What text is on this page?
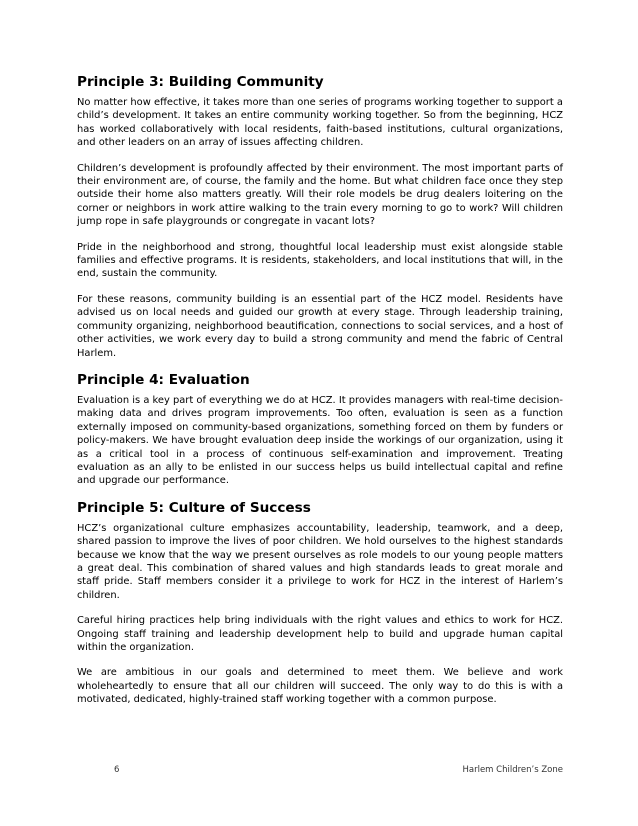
Principle 3: Building Community

No matter how effective, it takes more than one series of programs working together to support a child’s development. It takes an entire community working together. So from the beginning, HCZ has worked collaboratively with local residents, faith-based institutions, cultural organizations, and other leaders on an array of issues affecting children.

Children’s development is profoundly affected by their environment. The most important parts of their environment are, of course, the family and the home. But what children face once they step outside their home also matters greatly. Will their role models be drug dealers loitering on the corner or neighbors in work attire walking to the train every morning to go to work? Will children jump rope in safe playgrounds or congregate in vacant lots?

Pride in the neighborhood and strong, thoughtful local leadership must exist alongside stable families and effective programs. It is residents, stakeholders, and local institutions that will, in the end, sustain the community.

For these reasons, community building is an essential part of the HCZ model. Residents have advised us on local needs and guided our growth at every stage. Through leadership training, community organizing, neighborhood beautification, connections to social services, and a host of other activities, we work every day to build a strong community and mend the fabric of Central Harlem.

Principle 4: Evaluation

Evaluation is a key part of everything we do at HCZ. It provides managers with real-time decision-making data and drives program improvements. Too often, evaluation is seen as a function externally imposed on community-based organizations, something forced on them by funders or policy-makers. We have brought evaluation deep inside the workings of our organization, using it as a critical tool in a process of continuous self-examination and improvement. Treating evaluation as an ally to be enlisted in our success helps us build intellectual capital and refine and upgrade our performance.

Principle 5: Culture of Success

HCZ’s organizational culture emphasizes accountability, leadership, teamwork, and a deep, shared passion to improve the lives of poor children. We hold ourselves to the highest standards because we know that the way we present ourselves as role models to our young people matters a great deal. This combination of shared values and high standards leads to great morale and staff pride. Staff members consider it a privilege to work for HCZ in the interest of Harlem’s children.

Careful hiring practices help bring individuals with the right values and ethics to work for HCZ. Ongoing staff training and leadership development help to build and upgrade human capital within the organization.

We are ambitious in our goals and determined to meet them. We believe and work wholeheartedly to ensure that all our children will succeed. The only way to do this is with a motivated, dedicated, highly-trained staff working together with a common purpose.

6	Harlem Children’s Zone
